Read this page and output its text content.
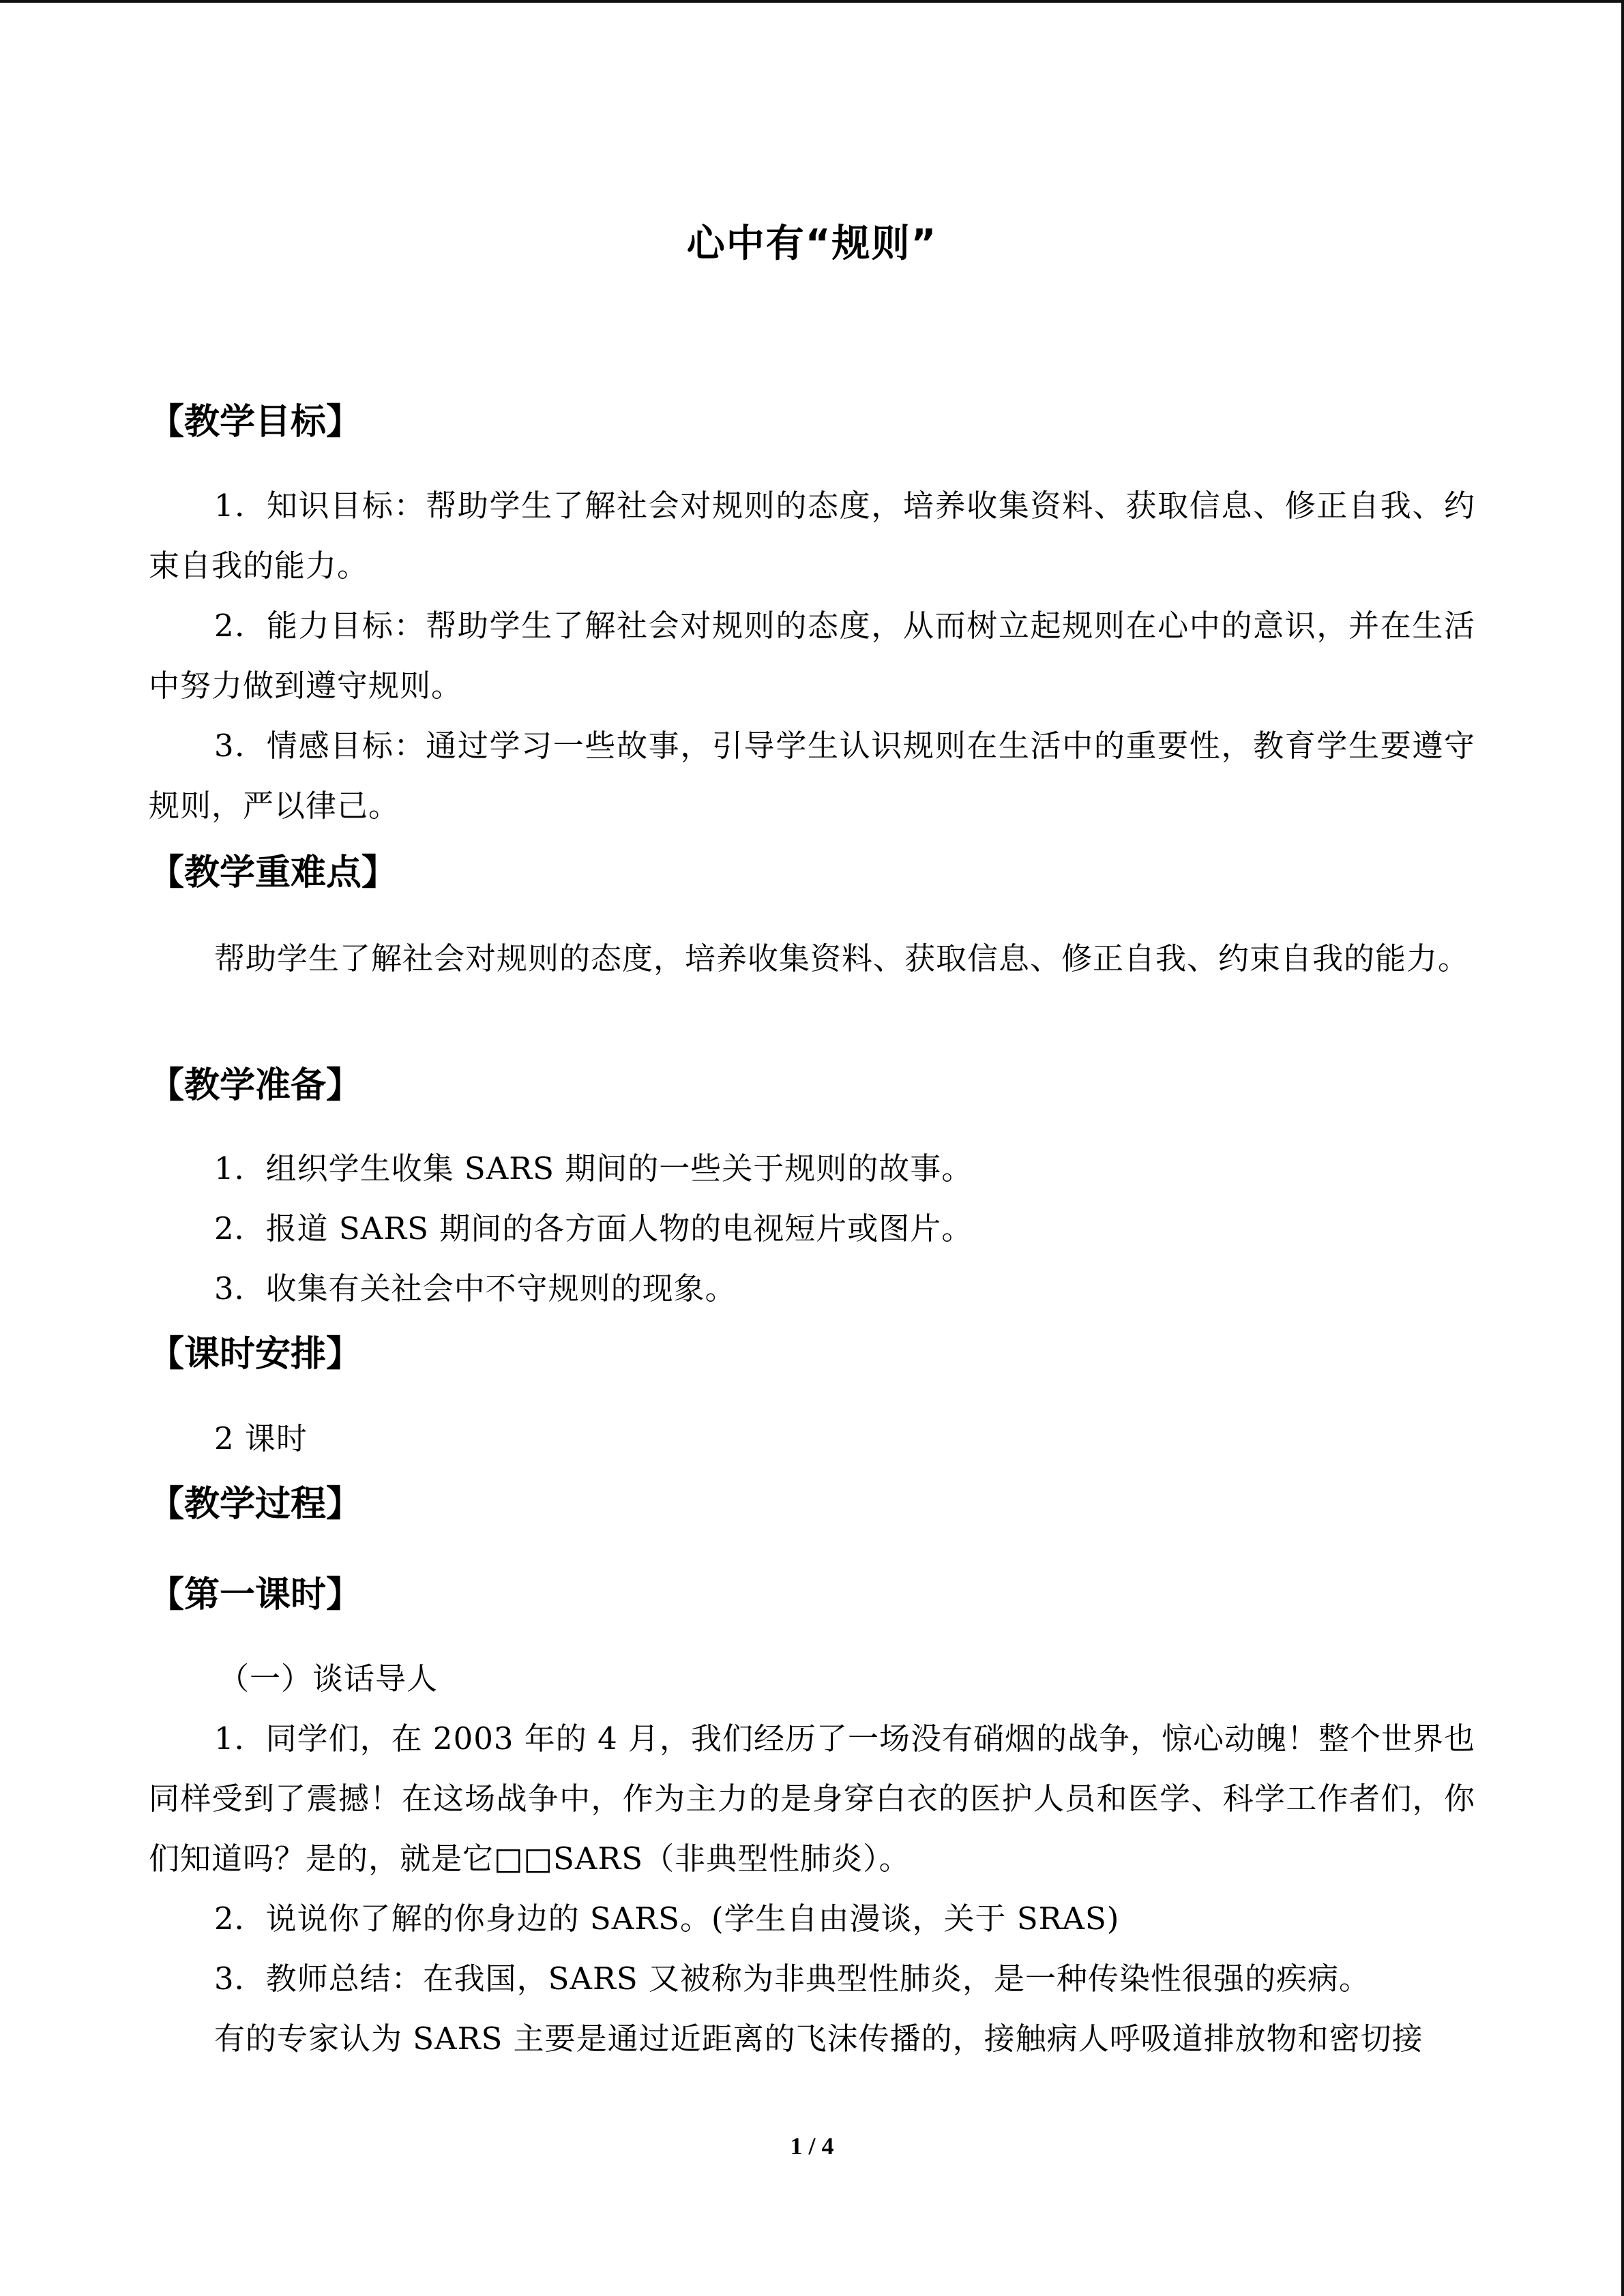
心中有“规则”
【教学目标】
1．知识目标：帮助学生了解社会对规则的态度，培养收集资料、获取信息、修正自我、约束自我的能力。
2．能力目标：帮助学生了解社会对规则的态度，从而树立起规则在心中的意识，并在生活中努力做到遵守规则。
3．情感目标：通过学习一些故事，引导学生认识规则在生活中的重要性，教育学生要遵守规则，严以律己。
【教学重难点】
帮助学生了解社会对规则的态度，培养收集资料、获取信息、修正自我、约束自我的能力。
【教学准备】
1．组织学生收集 SARS 期间的一些关于规则的故事。
2．报道 SARS 期间的各方面人物的电视短片或图片。
3．收集有关社会中不守规则的现象。
【课时安排】
2 课时
【教学过程】
【第一课时】
（一）谈话导人
1．同学们，在 2003 年的 4 月，我们经历了一场没有硝烟的战争，惊心动魄！整个世界也同样受到了震撼！在这场战争中，作为主力的是身穿白衣的医护人员和医学、科学工作者们，你们知道吗？是的，就是它□□SARS（非典型性肺炎）。
2．说说你了解的你身边的 SARS。(学生自由漫谈，关于 SRAS)
3．教师总结：在我国，SARS 又被称为非典型性肺炎，是一种传染性很强的疾病。
有的专家认为 SARS 主要是通过近距离的飞沫传播的，接触病人呼吸道排放物和密切接
1 / 4
